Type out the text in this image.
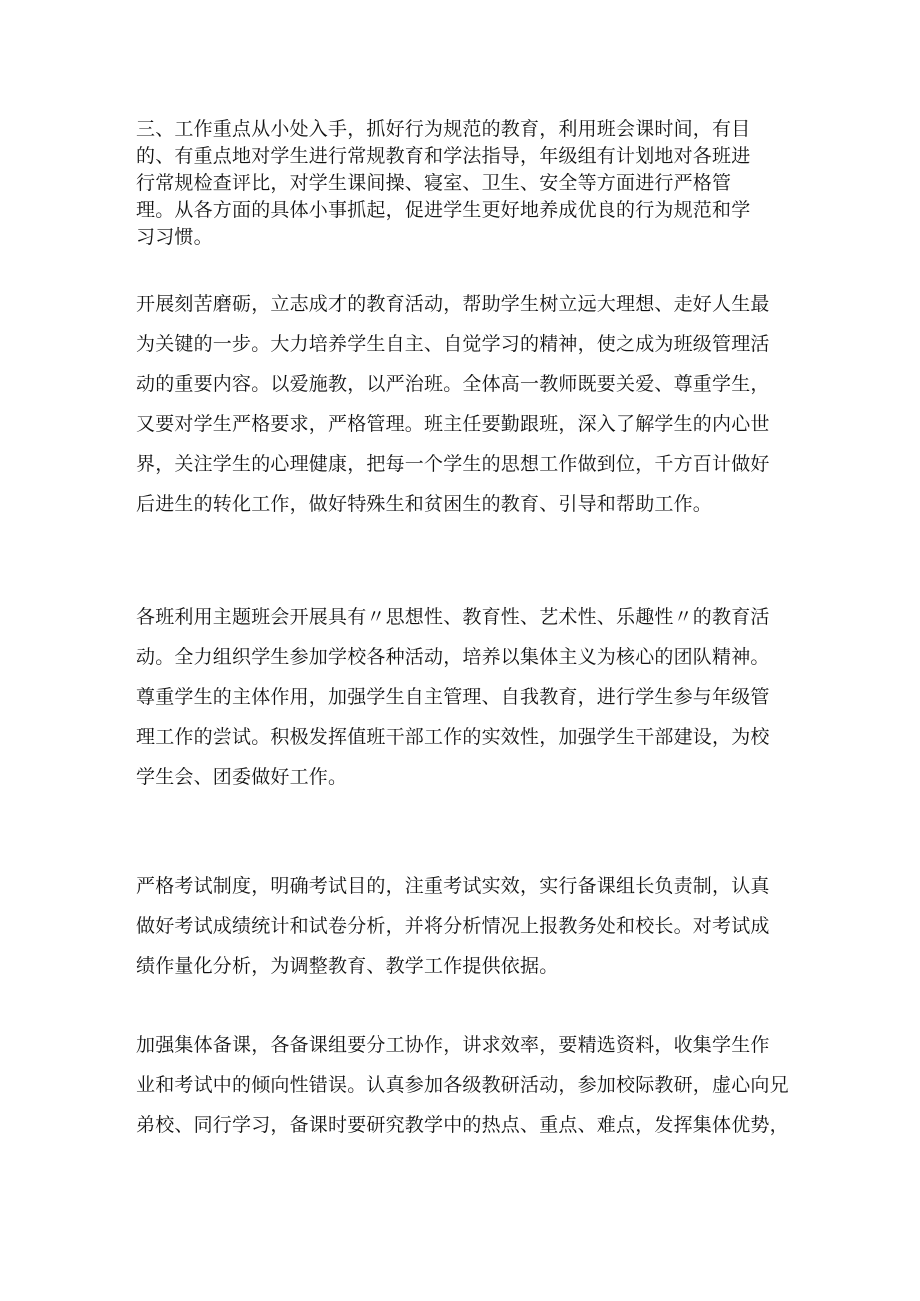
三、工作重点从小处入手，抓好行为规范的教育，利用班会课时间，有目
的、有重点地对学生进行常规教育和学法指导，年级组有计划地对各班进
行常规检查评比，对学生课间操、寝室、卫生、安全等方面进行严格管
理。从各方面的具体小事抓起，促进学生更好地养成优良的行为规范和学
习习惯。

开展刻苦磨砺，立志成才的教育活动，帮助学生树立远大理想、走好人生最
为关键的一步。大力培养学生自主、自觉学习的精神，使之成为班级管理活
动的重要内容。以爱施教，以严治班。全体高一教师既要关爱、尊重学生，
又要对学生严格要求，严格管理。班主任要勤跟班，深入了解学生的内心世
界，关注学生的心理健康，把每一个学生的思想工作做到位，千方百计做好
后进生的转化工作，做好特殊生和贫困生的教育、引导和帮助工作。

各班利用主题班会开展具有〃思想性、教育性、艺术性、乐趣性〃的教育活
动。全力组织学生参加学校各种活动，培养以集体主义为核心的团队精神。
尊重学生的主体作用，加强学生自主管理、自我教育，进行学生参与年级管
理工作的尝试。积极发挥值班干部工作的实效性，加强学生干部建设，为校
学生会、团委做好工作。

严格考试制度，明确考试目的，注重考试实效，实行备课组长负责制，认真
做好考试成绩统计和试卷分析，并将分析情况上报教务处和校长。对考试成
绩作量化分析，为调整教育、教学工作提供依据。

加强集体备课，各备课组要分工协作，讲求效率，要精选资料，收集学生作
业和考试中的倾向性错误。认真参加各级教研活动，参加校际教研，虚心向兄
弟校、同行学习，备课时要研究教学中的热点、重点、难点，发挥集体优势，
